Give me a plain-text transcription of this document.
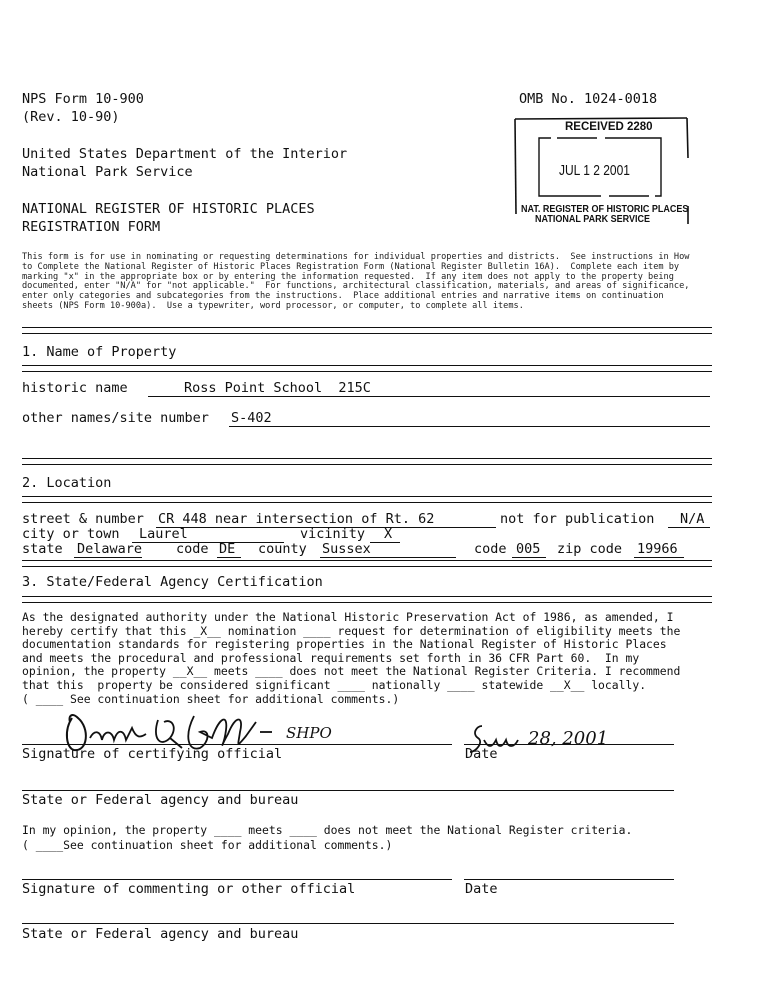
NPS Form 10-900
(Rev. 10-90)
OMB No. 1024-0018
United States Department of the Interior
National Park Service
NATIONAL REGISTER OF HISTORIC PLACES
REGISTRATION FORM
RECEIVED 2280
JUL 1 2 2001
NAT. REGISTER OF HISTORIC PLACES
NATIONAL PARK SERVICE
This form is for use in nominating or requesting determinations for individual properties and districts.  See instructions in How
to Complete the National Register of Historic Places Registration Form (National Register Bulletin 16A).  Complete each item by
marking "x" in the appropriate box or by entering the information requested.  If any item does not apply to the property being
documented, enter "N/A" for "not applicable."  For functions, architectural classification, materials, and areas of significance,
enter only categories and subcategories from the instructions.  Place additional entries and narrative items on continuation
sheets (NPS Form 10-900a).  Use a typewriter, word processor, or computer, to complete all items.
1. Name of Property
historic name	Ross Point School  215C
other names/site number S-402
2. Location
street & number CR 448 near intersection of Rt. 62	not for publication N/A
city or town Laurel	vicinity X
state Delaware	code DE county Sussex	code 005 zip code 19966
3. State/Federal Agency Certification
As the designated authority under the National Historic Preservation Act of 1986, as amended, I
hereby certify that this _X__ nomination ____ request for determination of eligibility meets the
documentation standards for registering properties in the National Register of Historic Places
and meets the procedural and professional requirements set forth in 36 CFR Part 60.  In my
opinion, the property __X__ meets ____ does not meet the National Register Criteria. I recommend
that this  property be considered significant ____ nationally ____ statewide __X__ locally.
( ____ See continuation sheet for additional comments.)
SHPO	28, 2001
Signature of certifying official	Date
State or Federal agency and bureau
In my opinion, the property ____ meets ____ does not meet the National Register criteria.
( ____See continuation sheet for additional comments.)
Signature of commenting or other official	Date
State or Federal agency and bureau
